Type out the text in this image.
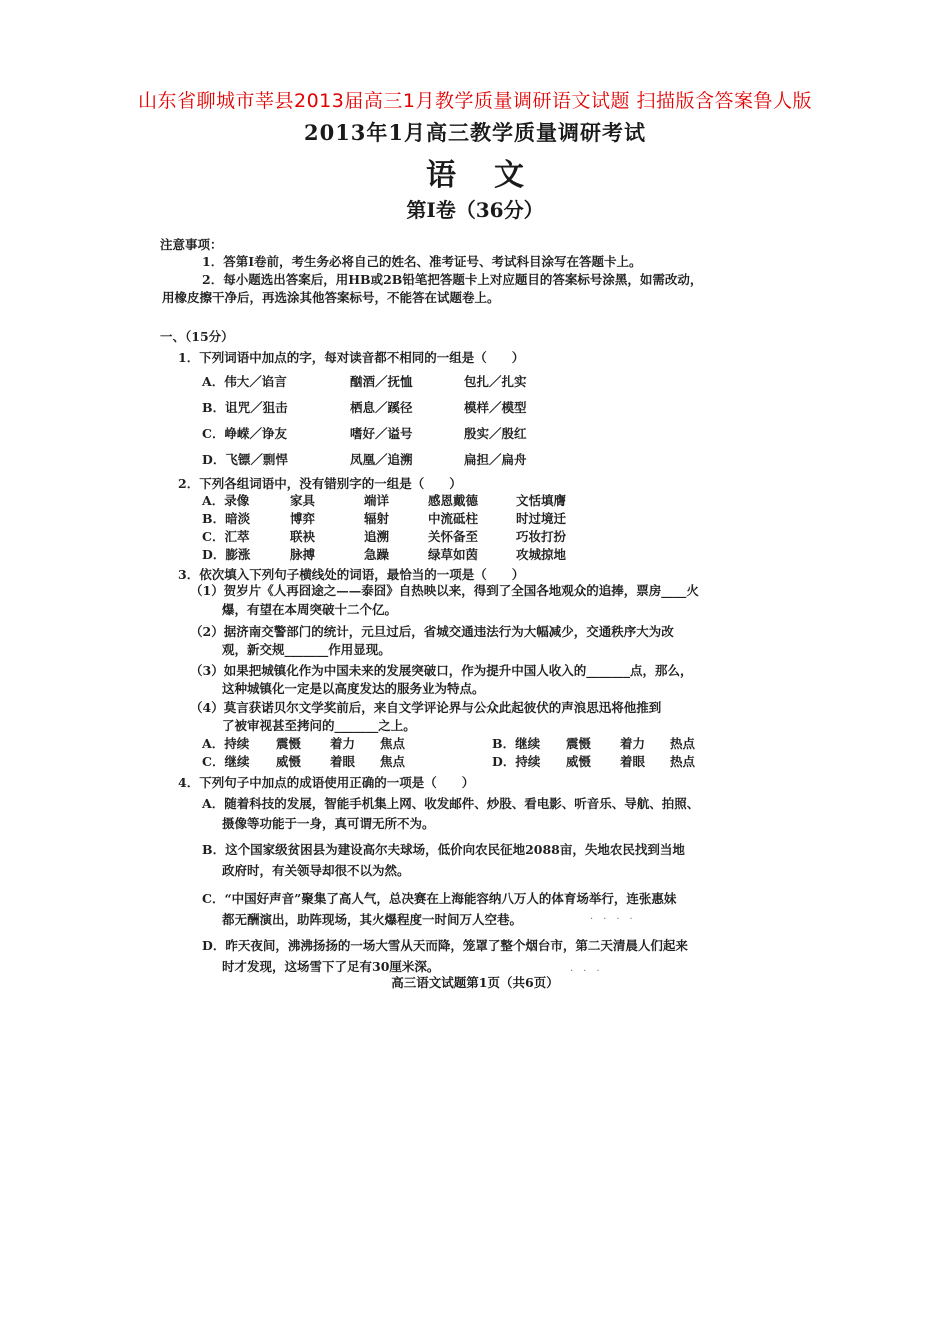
山东省聊城市莘县2013届高三1月教学质量调研语文试题 扫描版含答案鲁人版
2013年1月高三教学质量调研考试
语文
第Ⅰ卷（36分）
注意事项：
1．答第Ⅰ卷前，考生务必将自己的姓名、准考证号、考试科目涂写在答题卡上。
2．每小题选出答案后，用HB或2B铅笔把答题卡上对应题目的答案标号涂黑，如需改动，
用橡皮擦干净后，再选涂其他答案标号，不能答在试题卷上。
一、（15分）
1．下列词语中加点的字，每对读音都不相同的一组是（　　）
A．伟大／谄言	酗酒／抚恤	包扎／扎实
B．诅咒／狙击	栖息／蹊径	模样／模型
C．峥嵘／诤友	嗜好／谥号	殷实／殷红
D．飞镖／剽悍	凤凰／追溯	扁担／扁舟
2．下列各组词语中，没有错别字的一组是（　　）
A．录像	家具	端详	感恩戴德	文恬填膺
B．暗淡	博弈	辐射	中流砥柱	时过境迁
C．汇萃	联袂	追溯	关怀备至	巧妆打扮
D．膨涨	脉搏	急躁	绿草如茵	攻城掠地
3．依次填入下列句子横线处的词语，最恰当的一项是（　　）
（1）贺岁片《人再囧途之——泰囧》自热映以来，得到了全国各地观众的追捧，票房____火
爆，有望在本周突破十二个亿。
（2）据济南交警部门的统计，元旦过后，省城交通违法行为大幅减少，交通秩序大为改
观，新交规_______作用显现。
（3）如果把城镇化作为中国未来的发展突破口，作为提升中国人收入的_______点，那么，
这种城镇化一定是以高度发达的服务业为特点。
（4）莫言获诺贝尔文学奖前后，来自文学评论界与公众此起彼伏的声浪思迅将他推到
了被审视甚至拷问的_______之上。
A．持续 震慑 着力 焦点	B．继续 震慑 着力 热点
C．继续 威慑 着眼 焦点	D．持续 威慑 着眼 热点
4．下列句子中加点的成语使用正确的一项是（　　）
A．随着科技的发展，智能手机集上网、收发邮件、炒股、看电影、听音乐、导航、拍照、
摄像等功能于一身，真可谓无所不为。
B．这个国家级贫困县为建设高尔夫球场，低价向农民征地2088亩，失地农民找到当地
政府时，有关领导却很不以为然。
C．“中国好声音”聚集了高人气，总决赛在上海能容纳八万人的体育场举行，连张惠妹
都无酬演出，助阵现场，其火爆程度一时间万人空巷。
D．昨天夜间，沸沸扬扬的一场大雪从天而降，笼罩了整个烟台市，第二天清晨人们起来
时才发现，这场雪下了足有30厘米深。
高三语文试题第1页（共6页）
·　·　·　·
·　·　·
